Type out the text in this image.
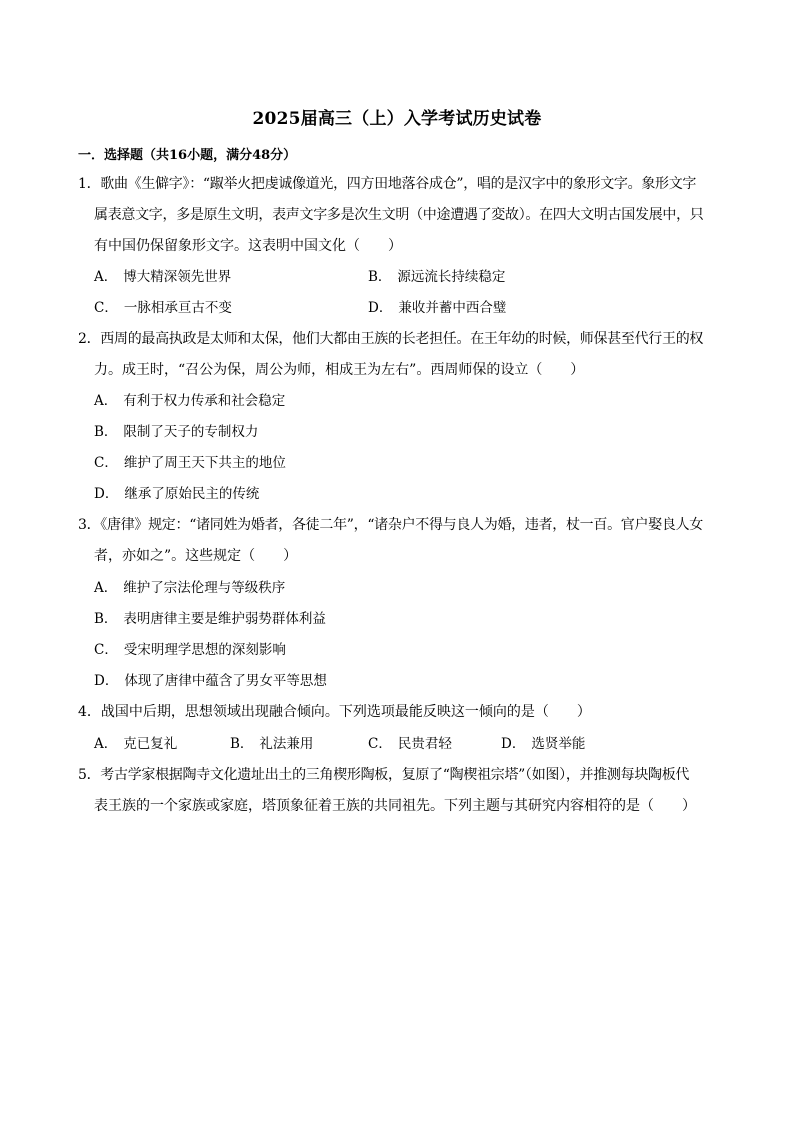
2025届高三（上）入学考试历史试卷
一．选择题（共16小题，满分48分）
1．歌曲《生僻字》：“踧举火把虔诚像道光，四方田地落谷成仓”，唱的是汉字中的象形文字。象形文字
属表意文字，多是原生文明，表声文字多是次生文明（中途遭遇了変故）。在四大文明古国发展中，只
有中国仍保留象形文字。这表明中国文化（　　）
A． 博大精深领先世界	B． 源远流长持续稳定
C． 一脉相承亘古不变	D． 兼收并蓄中西合璧
2．西周的最高执政是太师和太保，他们大都由王族的长老担任。在王年幼的时候，师保甚至代行王的权
力。成王时，“召公为保，周公为师，相成王为左右”。西周师保的设立（　　）
A． 有利于权力传承和社会稳定
B． 限制了天子的专制权力
C． 维护了周王天下共主的地位
D． 继承了原始民主的传统
3．《唐律》规定：“诸同姓为婚者，各徒二年”，“诸杂户不得与良人为婚，违者，杖一百。官户娶良人女
者，亦如之”。这些规定（　　）
A． 维护了宗法伦理与等级秩序
B． 表明唐律主要是维护弱势群体利益
C． 受宋明理学思想的深刻影响
D． 体现了唐律中蕴含了男女平等思想
4．战国中后期，思想领域出现融合倾向。下列选项最能反映这一倾向的是（　　）
A． 克已复礼	B． 礼法兼用	C． 民贵君轻	D． 选贤举能
5．考古学家根据陶寺文化遗址出土的三角楔形陶板，复原了“陶楔祖宗塔”（如图），并推测每块陶板代
表王族的一个家族或家庭，塔顶象征着王族的共同祖先。下列主题与其研究内容相符的是（　　）
